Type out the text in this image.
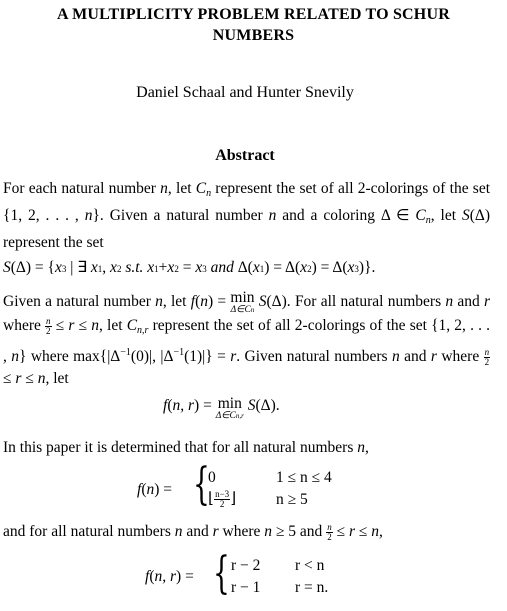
A MULTIPLICITY PROBLEM RELATED TO SCHUR
NUMBERS
Daniel Schaal and Hunter Snevily
Abstract
For each natural number n, let $C_n$ represent the set of all 2-colorings of the set {1, 2, . . . , n}. Given a natural number n and a coloring Δ ∈ $C_n$, let S(Δ) represent the set
S(Δ) = {x3 | ∃ x1, x2 s.t. x1+x2 = x3 and Δ(x1) = Δ(x2) = Δ(x3)}.
Given a natural number n, let f(n) = min
Δ∈Cn S(Δ). For all natural numbers n and r where $\frac{n}{2} \le r \le n$, let $C_{n,r}$ represent the set of all 2-colorings of the set {1, 2, . . . , n} where $\max\{|\Delta^{-1}(0)|$, $|\Delta^{-1}(1)|\} = r$. Given natural numbers n and r where $\frac{n}{2}$
≤ r ≤ n, let
f(n, r) = min
Δ∈Cn,r
S(Δ).
In this paper it is determined that for all natural numbers n,
f(n) = {
0	1 ≤ n ≤ 4
⌊ $\frac{n-3}{2}$ ⌋	n ≥ 5
and for all natural numbers n and r where n ≥ 5 and $\frac{n}{2} \le r \le n$,
f(n, r) = { r − 2 r < n
r − 1 r = n.
